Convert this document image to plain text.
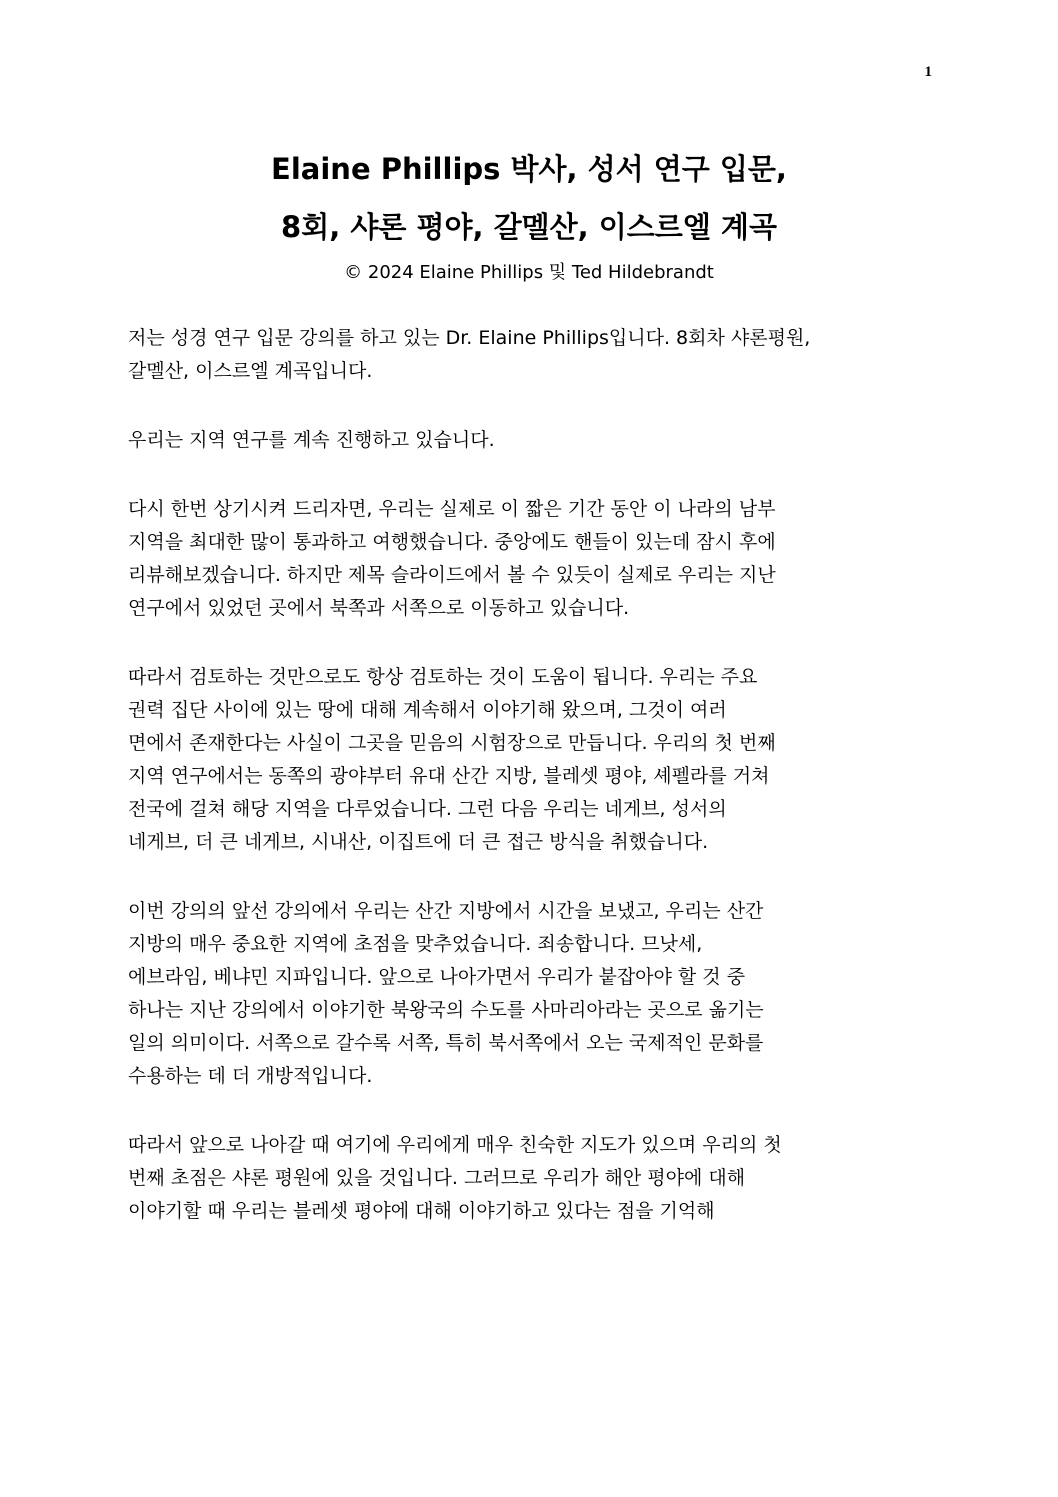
1
Elaine Phillips 박사, 성서 연구 입문,
8회, 샤론 평야, 갈멜산, 이스르엘 계곡
© 2024 Elaine Phillips 및 Ted Hildebrandt
저는 성경 연구 입문 강의를 하고 있는 Dr. Elaine Phillips입니다. 8회차 샤론평원,
갈멜산, 이스르엘 계곡입니다.
우리는 지역 연구를 계속 진행하고 있습니다.
다시 한번 상기시켜 드리자면, 우리는 실제로 이 짧은 기간 동안 이 나라의 남부
지역을 최대한 많이 통과하고 여행했습니다. 중앙에도 핸들이 있는데 잠시 후에
리뷰해보겠습니다. 하지만 제목 슬라이드에서 볼 수 있듯이 실제로 우리는 지난
연구에서 있었던 곳에서 북쪽과 서쪽으로 이동하고 있습니다.
따라서 검토하는 것만으로도 항상 검토하는 것이 도움이 됩니다. 우리는 주요
권력 집단 사이에 있는 땅에 대해 계속해서 이야기해 왔으며, 그것이 여러
면에서 존재한다는 사실이 그곳을 믿음의 시험장으로 만듭니다. 우리의 첫 번째
지역 연구에서는 동쪽의 광야부터 유대 산간 지방, 블레셋 평야, 셰펠라를 거쳐
전국에 걸쳐 해당 지역을 다루었습니다. 그런 다음 우리는 네게브, 성서의
네게브, 더 큰 네게브, 시내산, 이집트에 더 큰 접근 방식을 취했습니다.
이번 강의의 앞선 강의에서 우리는 산간 지방에서 시간을 보냈고, 우리는 산간
지방의 매우 중요한 지역에 초점을 맞추었습니다. 죄송합니다. 므낫세,
에브라임, 베냐민 지파입니다. 앞으로 나아가면서 우리가 붙잡아야 할 것 중
하나는 지난 강의에서 이야기한 북왕국의 수도를 사마리아라는 곳으로 옮기는
일의 의미이다. 서쪽으로 갈수록 서쪽, 특히 북서쪽에서 오는 국제적인 문화를
수용하는 데 더 개방적입니다.
따라서 앞으로 나아갈 때 여기에 우리에게 매우 친숙한 지도가 있으며 우리의 첫
번째 초점은 샤론 평원에 있을 것입니다. 그러므로 우리가 해안 평야에 대해
이야기할 때 우리는 블레셋 평야에 대해 이야기하고 있다는 점을 기억해
